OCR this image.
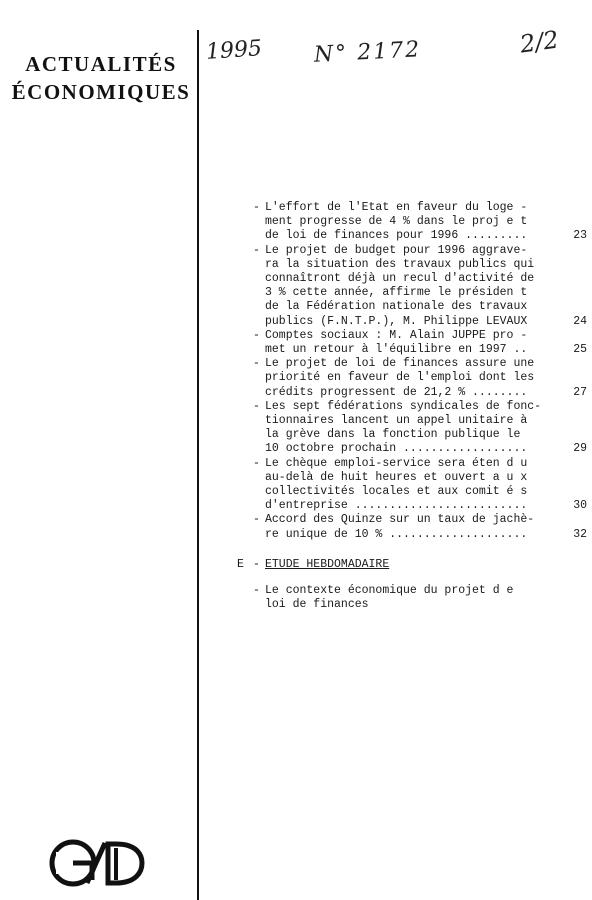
ACTUALITÉS
ÉCONOMIQUES
1995 N° 2172	2/2
- L'effort de l'Etat en faveur du loge -
ment progresse de 4 % dans le proj e t
de loi de finances pour 1996 .........	23
- Le projet de budget pour 1996 aggrave-
ra la situation des travaux publics qui
connaîtront déjà un recul d'activité de
3 % cette année, affirme le présiden t
de la Fédération nationale des travaux
publics (F.N.T.P.), M. Philippe LEVAUX	24
- Comptes sociaux : M. Alain JUPPE pro -
met un retour à l'équilibre en 1997 ..	25
- Le projet de loi de finances assure une
priorité en faveur de l'emploi dont les
crédits progressent de 21,2 % ........	27
- Les sept fédérations syndicales de fonc-
tionnaires lancent un appel unitaire à
la grève dans la fonction publique le
10 octobre prochain ..................	29
- Le chèque emploi-service sera éten d u
au-delà de huit heures et ouvert a u x
collectivités locales et aux comit é s
d'entreprise .........................	30
- Accord des Quinze sur un taux de jachè-
re unique de 10 % ....................	32
E - ETUDE HEBDOMADAIRE
- Le contexte économique du projet d e
loi de finances
